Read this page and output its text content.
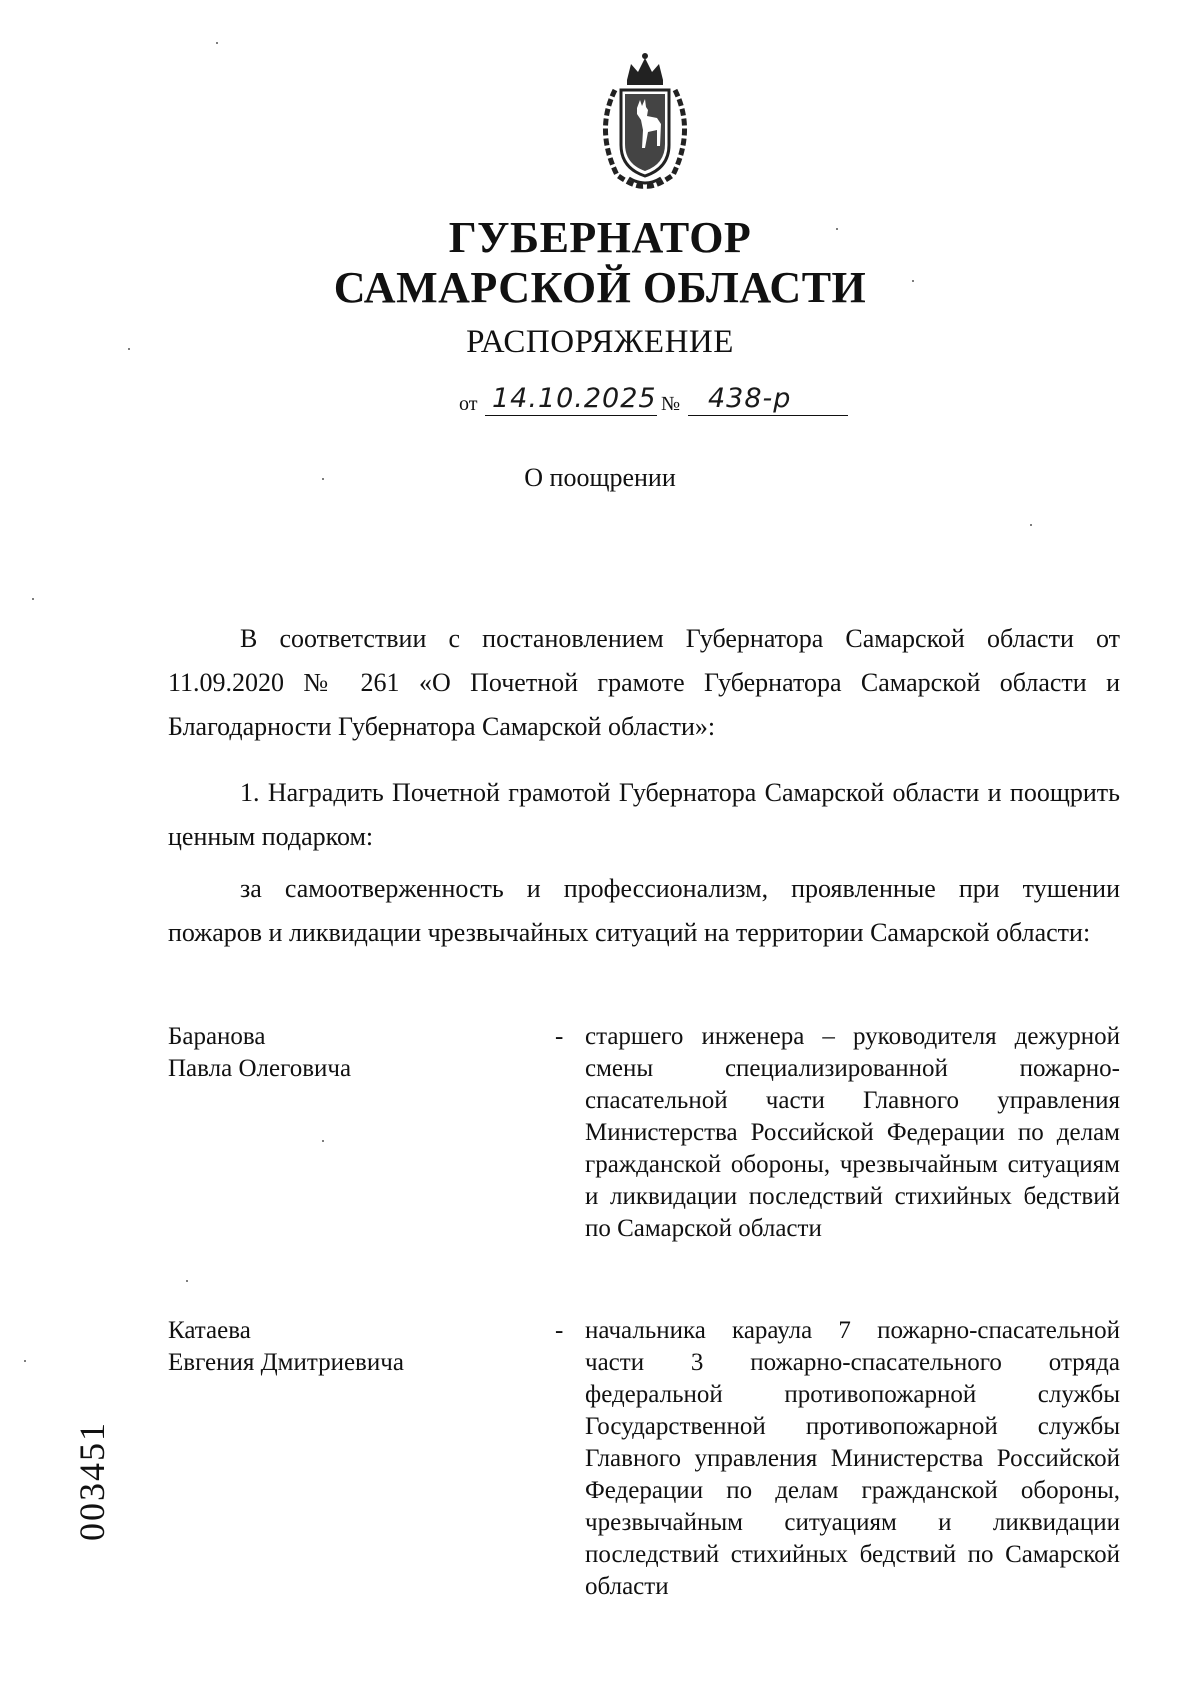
ГУБЕРНАТОР
САМАРСКОЙ ОБЛАСТИ
РАСПОРЯЖЕНИЕ
от 14.10.2025 № 438-р
О поощрении
В соответствии с постановлением Губернатора Самарской области от 11.09.2020 № 261 «О Почетной грамоте Губернатора Самарской области и Благодарности Губернатора Самарской области»:
1. Наградить Почетной грамотой Губернатора Самарской области и поощрить ценным подарком:
за самоотверженность и профессионализм, проявленные при тушении пожаров и ликвидации чрезвычайных ситуаций на территории Самарской области:
Баранова
Павла Олеговича
- старшего инженера – руководителя дежурной смены специализированной пожарно-спасательной части Главного управления Министерства Российской Федерации по делам гражданской обороны, чрезвычайным ситуациям и ликвидации последствий стихийных бедствий по Самарской области
Катаева
Евгения Дмитриевича
- начальника караула 7 пожарно-спасательной части 3 пожарно-спасательного отряда федеральной противопожарной службы Государственной противопожарной службы Главного управления Министерства Российской Федерации по делам гражданской обороны, чрезвычайным ситуациям и ликвидации последствий стихийных бедствий по Самарской области
003451
